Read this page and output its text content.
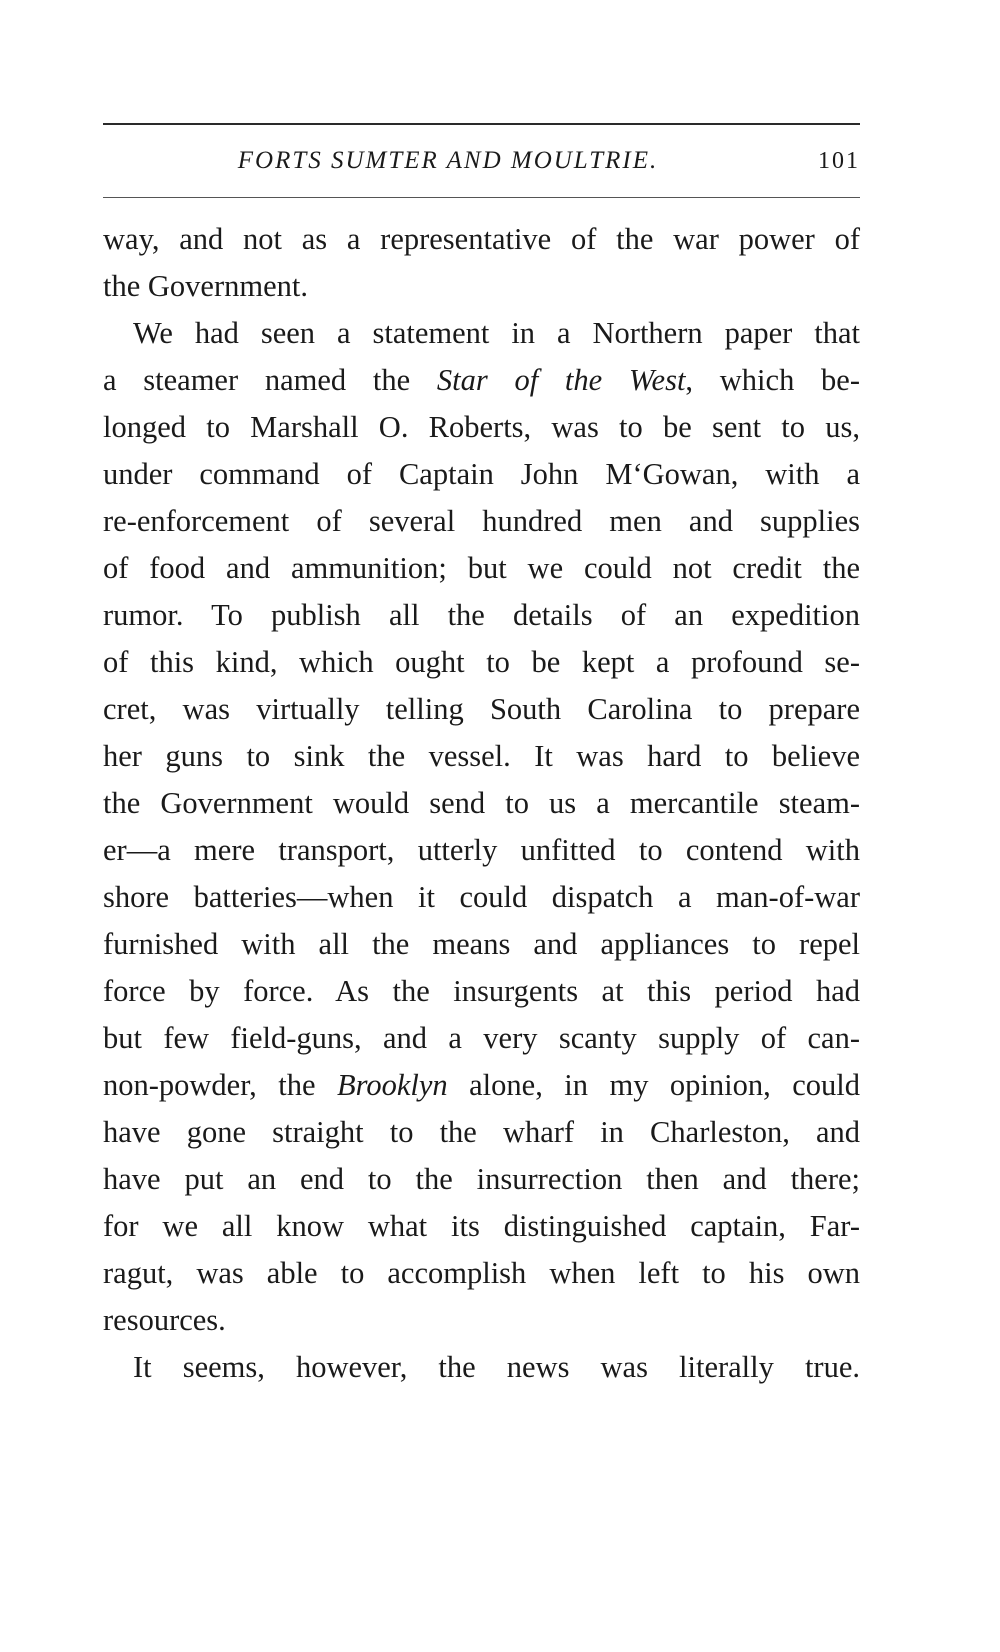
FORTS SUMTER AND MOULTRIE.	101
way, and not as a representative of the war power of
the Government.
We had seen a statement in a Northern paper that
a steamer named the Star of the West, which be-
longed to Marshall O. Roberts, was to be sent to us,
under command of Captain John M‘Gowan, with a
re-enforcement of several hundred men and supplies
of food and ammunition; but we could not credit the
rumor. To publish all the details of an expedition
of this kind, which ought to be kept a profound se-
cret, was virtually telling South Carolina to prepare
her guns to sink the vessel. It was hard to believe
the Government would send to us a mercantile steam-
er—a mere transport, utterly unfitted to contend with
shore batteries—when it could dispatch a man-of-war
furnished with all the means and appliances to repel
force by force. As the insurgents at this period had
but few field-guns, and a very scanty supply of can-
non-powder, the Brooklyn alone, in my opinion, could
have gone straight to the wharf in Charleston, and
have put an end to the insurrection then and there;
for we all know what its distinguished captain, Far-
ragut, was able to accomplish when left to his own
resources.
It seems, however, the news was literally true.
